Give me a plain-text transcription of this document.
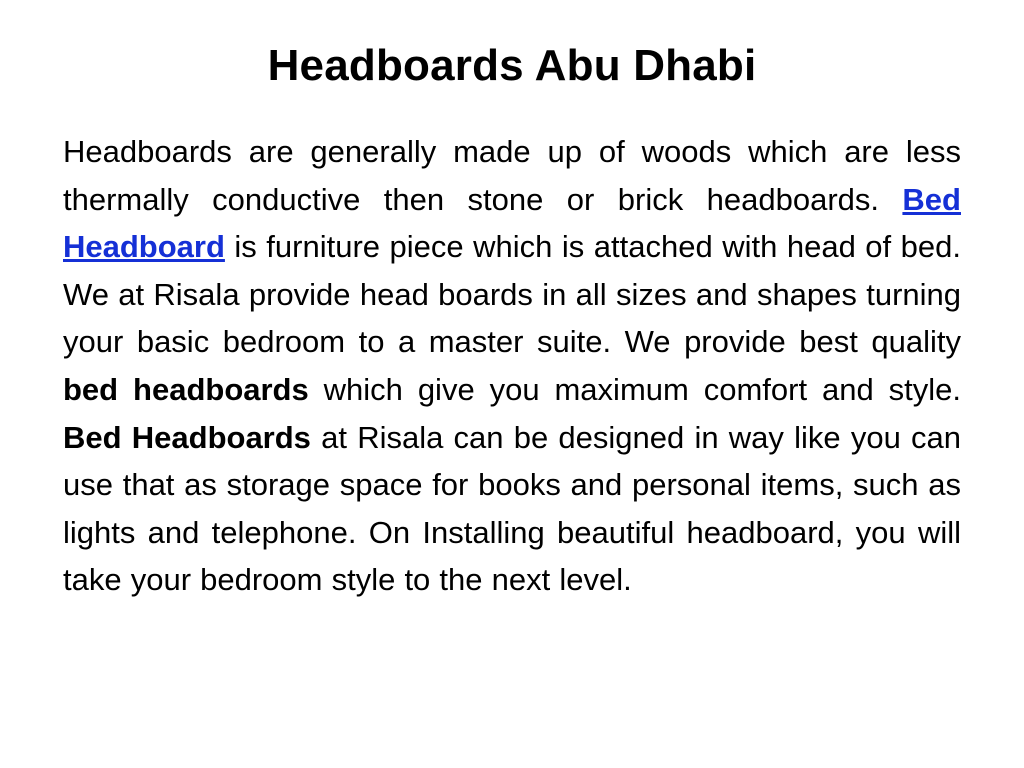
Headboards Abu Dhabi

Headboards are generally made up of woods which are less thermally conductive then stone or brick headboards. Bed Headboard is furniture piece which is attached with head of bed. We at Risala provide head boards in all sizes and shapes turning your basic bedroom to a master suite. We provide best quality bed headboards which give you maximum comfort and style. Bed Headboards at Risala can be designed in way like you can use that as storage space for books and personal items, such as lights and telephone. On Installing beautiful headboard, you will take your bedroom style to the next level.
